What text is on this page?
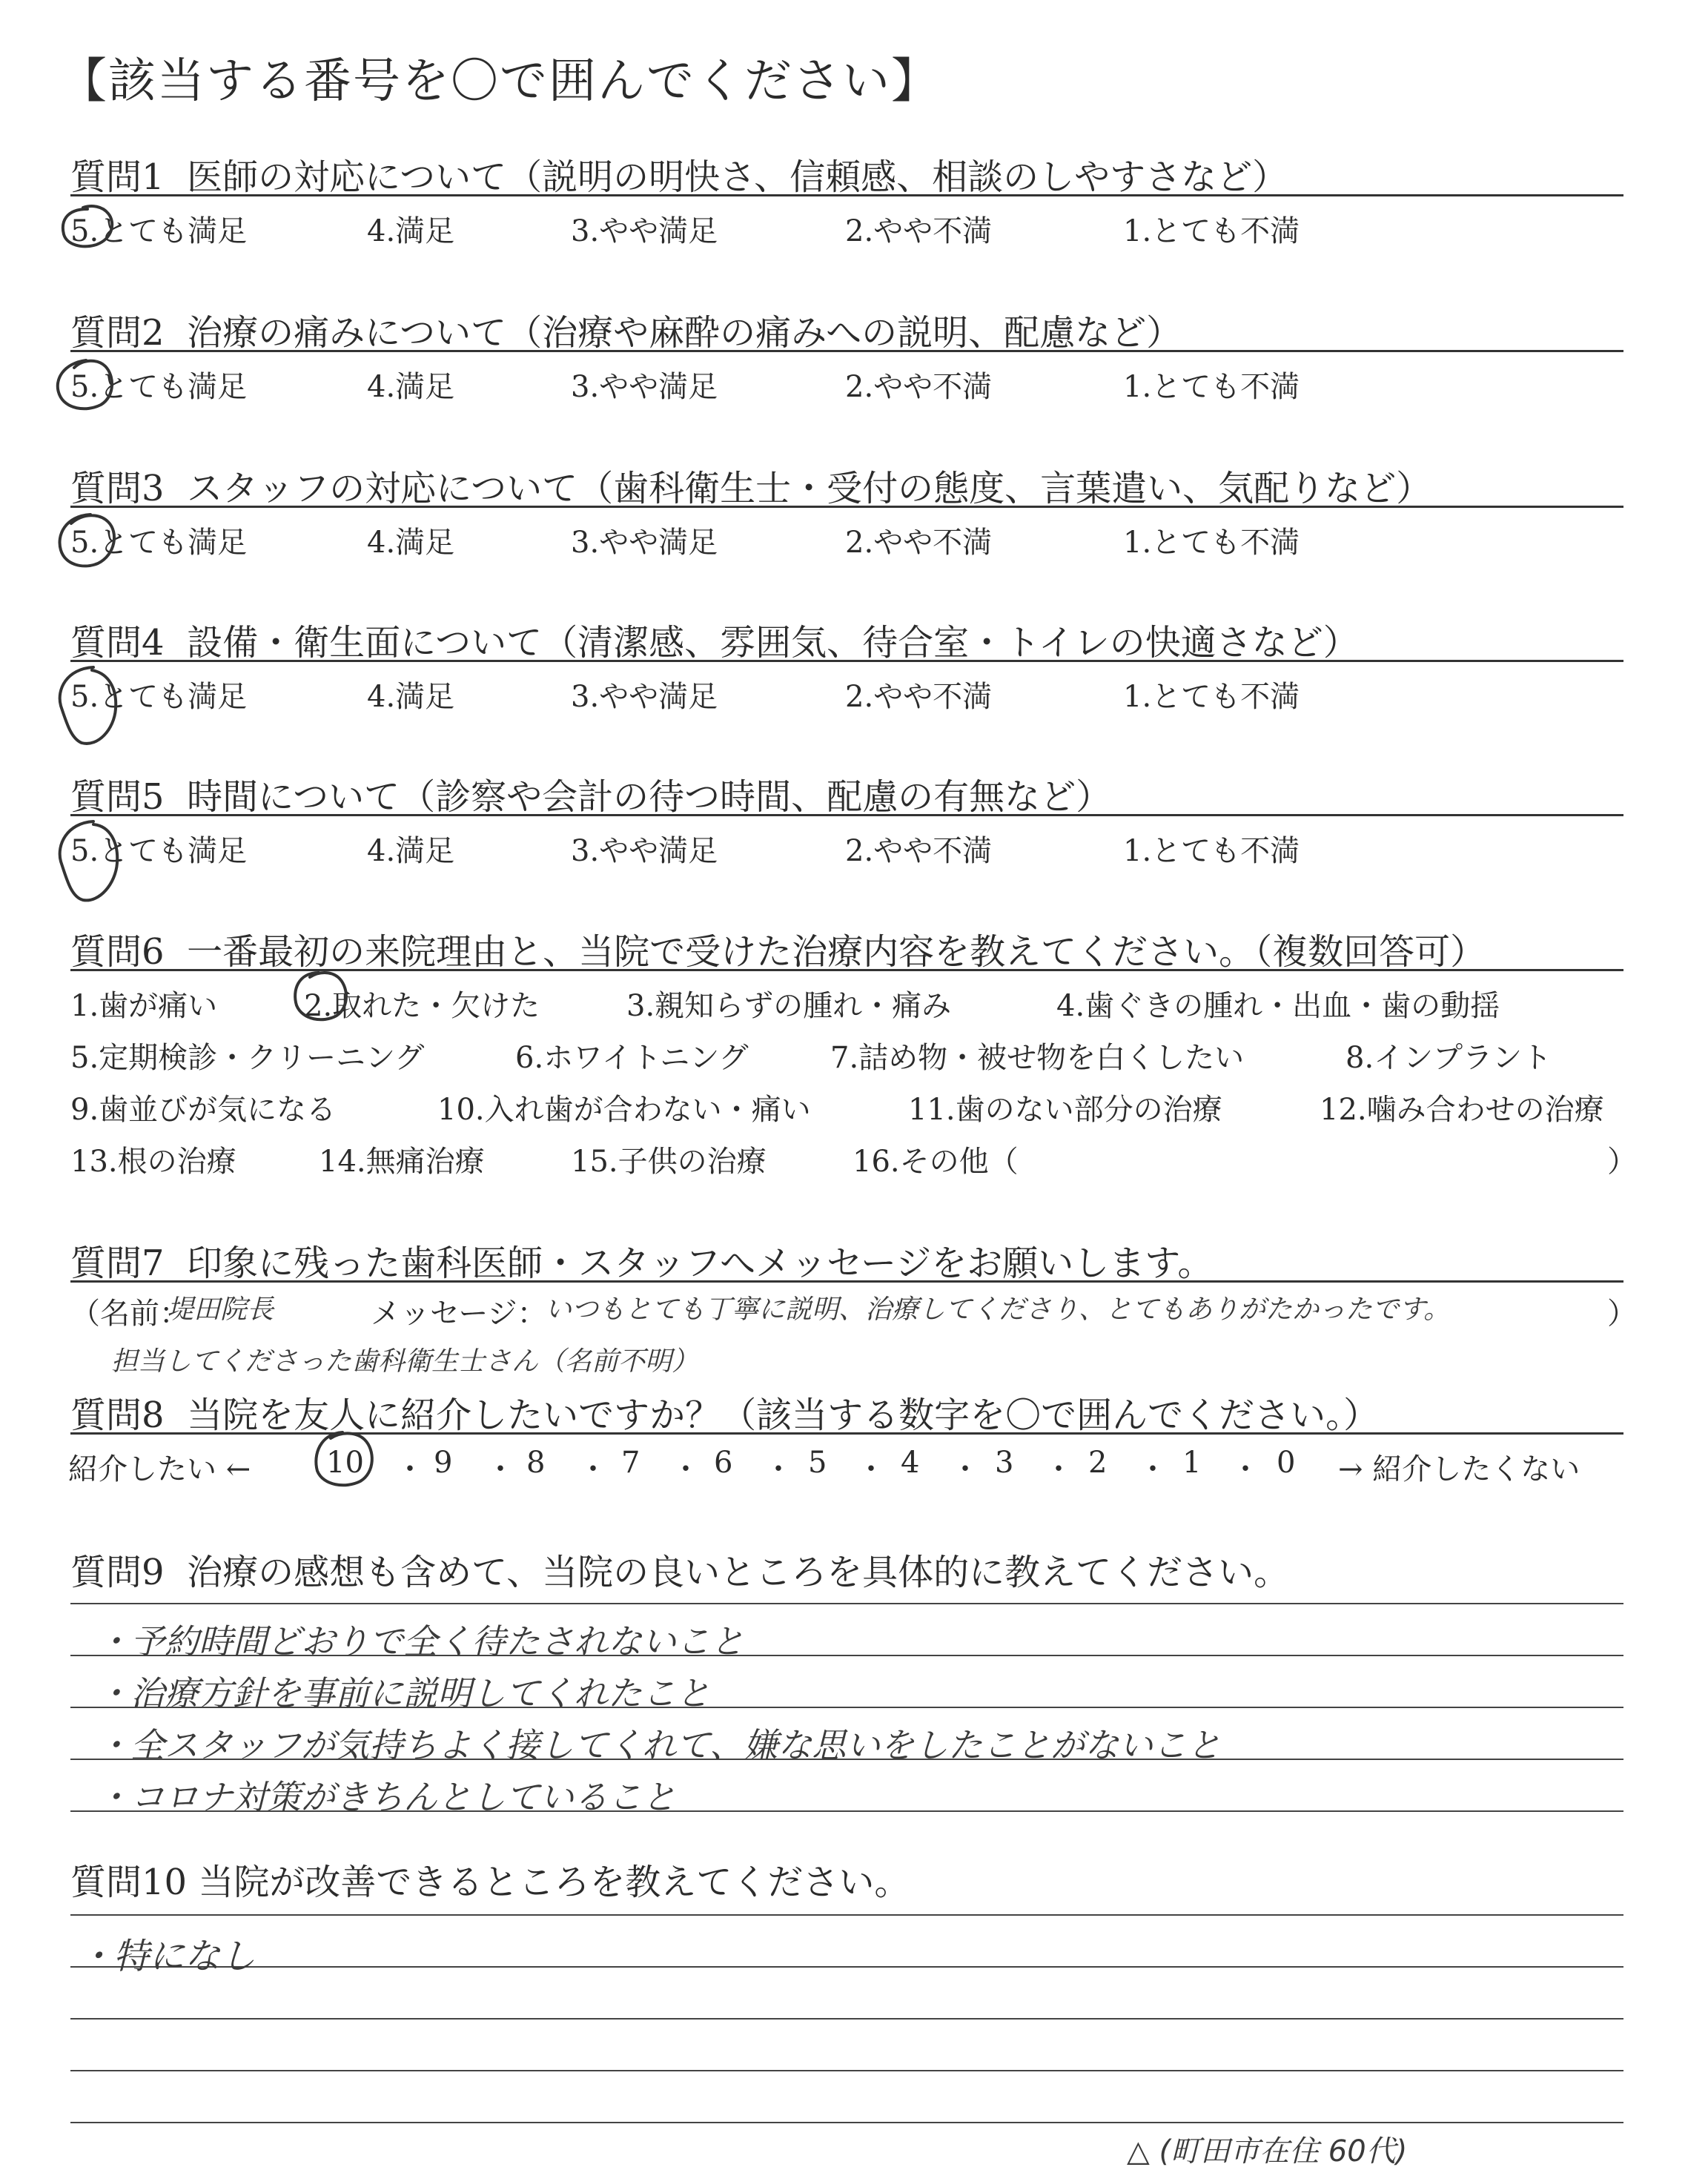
【該当する番号を〇で囲んでください】
質問1 医師の対応について（説明の明快さ、信頼感、相談のしやすさなど）
5.とても満足	4.満足	3.やや満足	2.やや不満	1.とても不満
質問2 治療の痛みについて（治療や麻酔の痛みへの説明、配慮など）
5.とても満足	4.満足	3.やや満足	2.やや不満	1.とても不満
質問3 スタッフの対応について（歯科衛生士・受付の態度、言葉遣い、気配りなど）
5.とても満足	4.満足	3.やや満足	2.やや不満	1.とても不満
質問4 設備・衛生面について（清潔感、雰囲気、待合室・トイレの快適さなど）
5.とても満足	4.満足	3.やや満足	2.やや不満	1.とても不満
質問5 時間について（診察や会計の待つ時間、配慮の有無など）
5.とても満足	4.満足	3.やや満足	2.やや不満	1.とても不満
質問6 一番最初の来院理由と、当院で受けた治療内容を教えてください。（複数回答可）
1.歯が痛い	2.取れた・欠けた	3.親知らずの腫れ・痛み	4.歯ぐきの腫れ・出血・歯の動揺
5.定期検診・クリーニング	6.ホワイトニング	7.詰め物・被せ物を白くしたい	8.インプラント
9.歯並びが気になる	10.入れ歯が合わない・痛い	11.歯のない部分の治療	12.噛み合わせの治療
13.根の治療	14.無痛治療	15.子供の治療	16.その他（	）
質問7 印象に残った歯科医師・スタッフへメッセージをお願いします。
（名前：
堤田院長	メッセージ：
いつもとても丁寧に説明、治療してくださり、とてもありがたかったです。	）
担当してくださった歯科衛生士さん（名前不明）
質問8 当院を友人に紹介したいですか？（該当する数字を〇で囲んでください。）
紹介したい ←	10 ・ 9 ・ 8 ・ 7 ・ 6 ・ 5 ・ 4 ・ 3 ・ 2 ・ 1 ・ 0 → 紹介したくない
質問9 治療の感想も含めて、当院の良いところを具体的に教えてください。
・予約時間どおりで全く待たされないこと
・治療方針を事前に説明してくれたこと
・全スタッフが気持ちよく接してくれて、嫌な思いをしたことがないこと
・コロナ対策がきちんとしていること
質問10 当院が改善できるところを教えてください。
・特になし
△ (町田市在住 60代)
